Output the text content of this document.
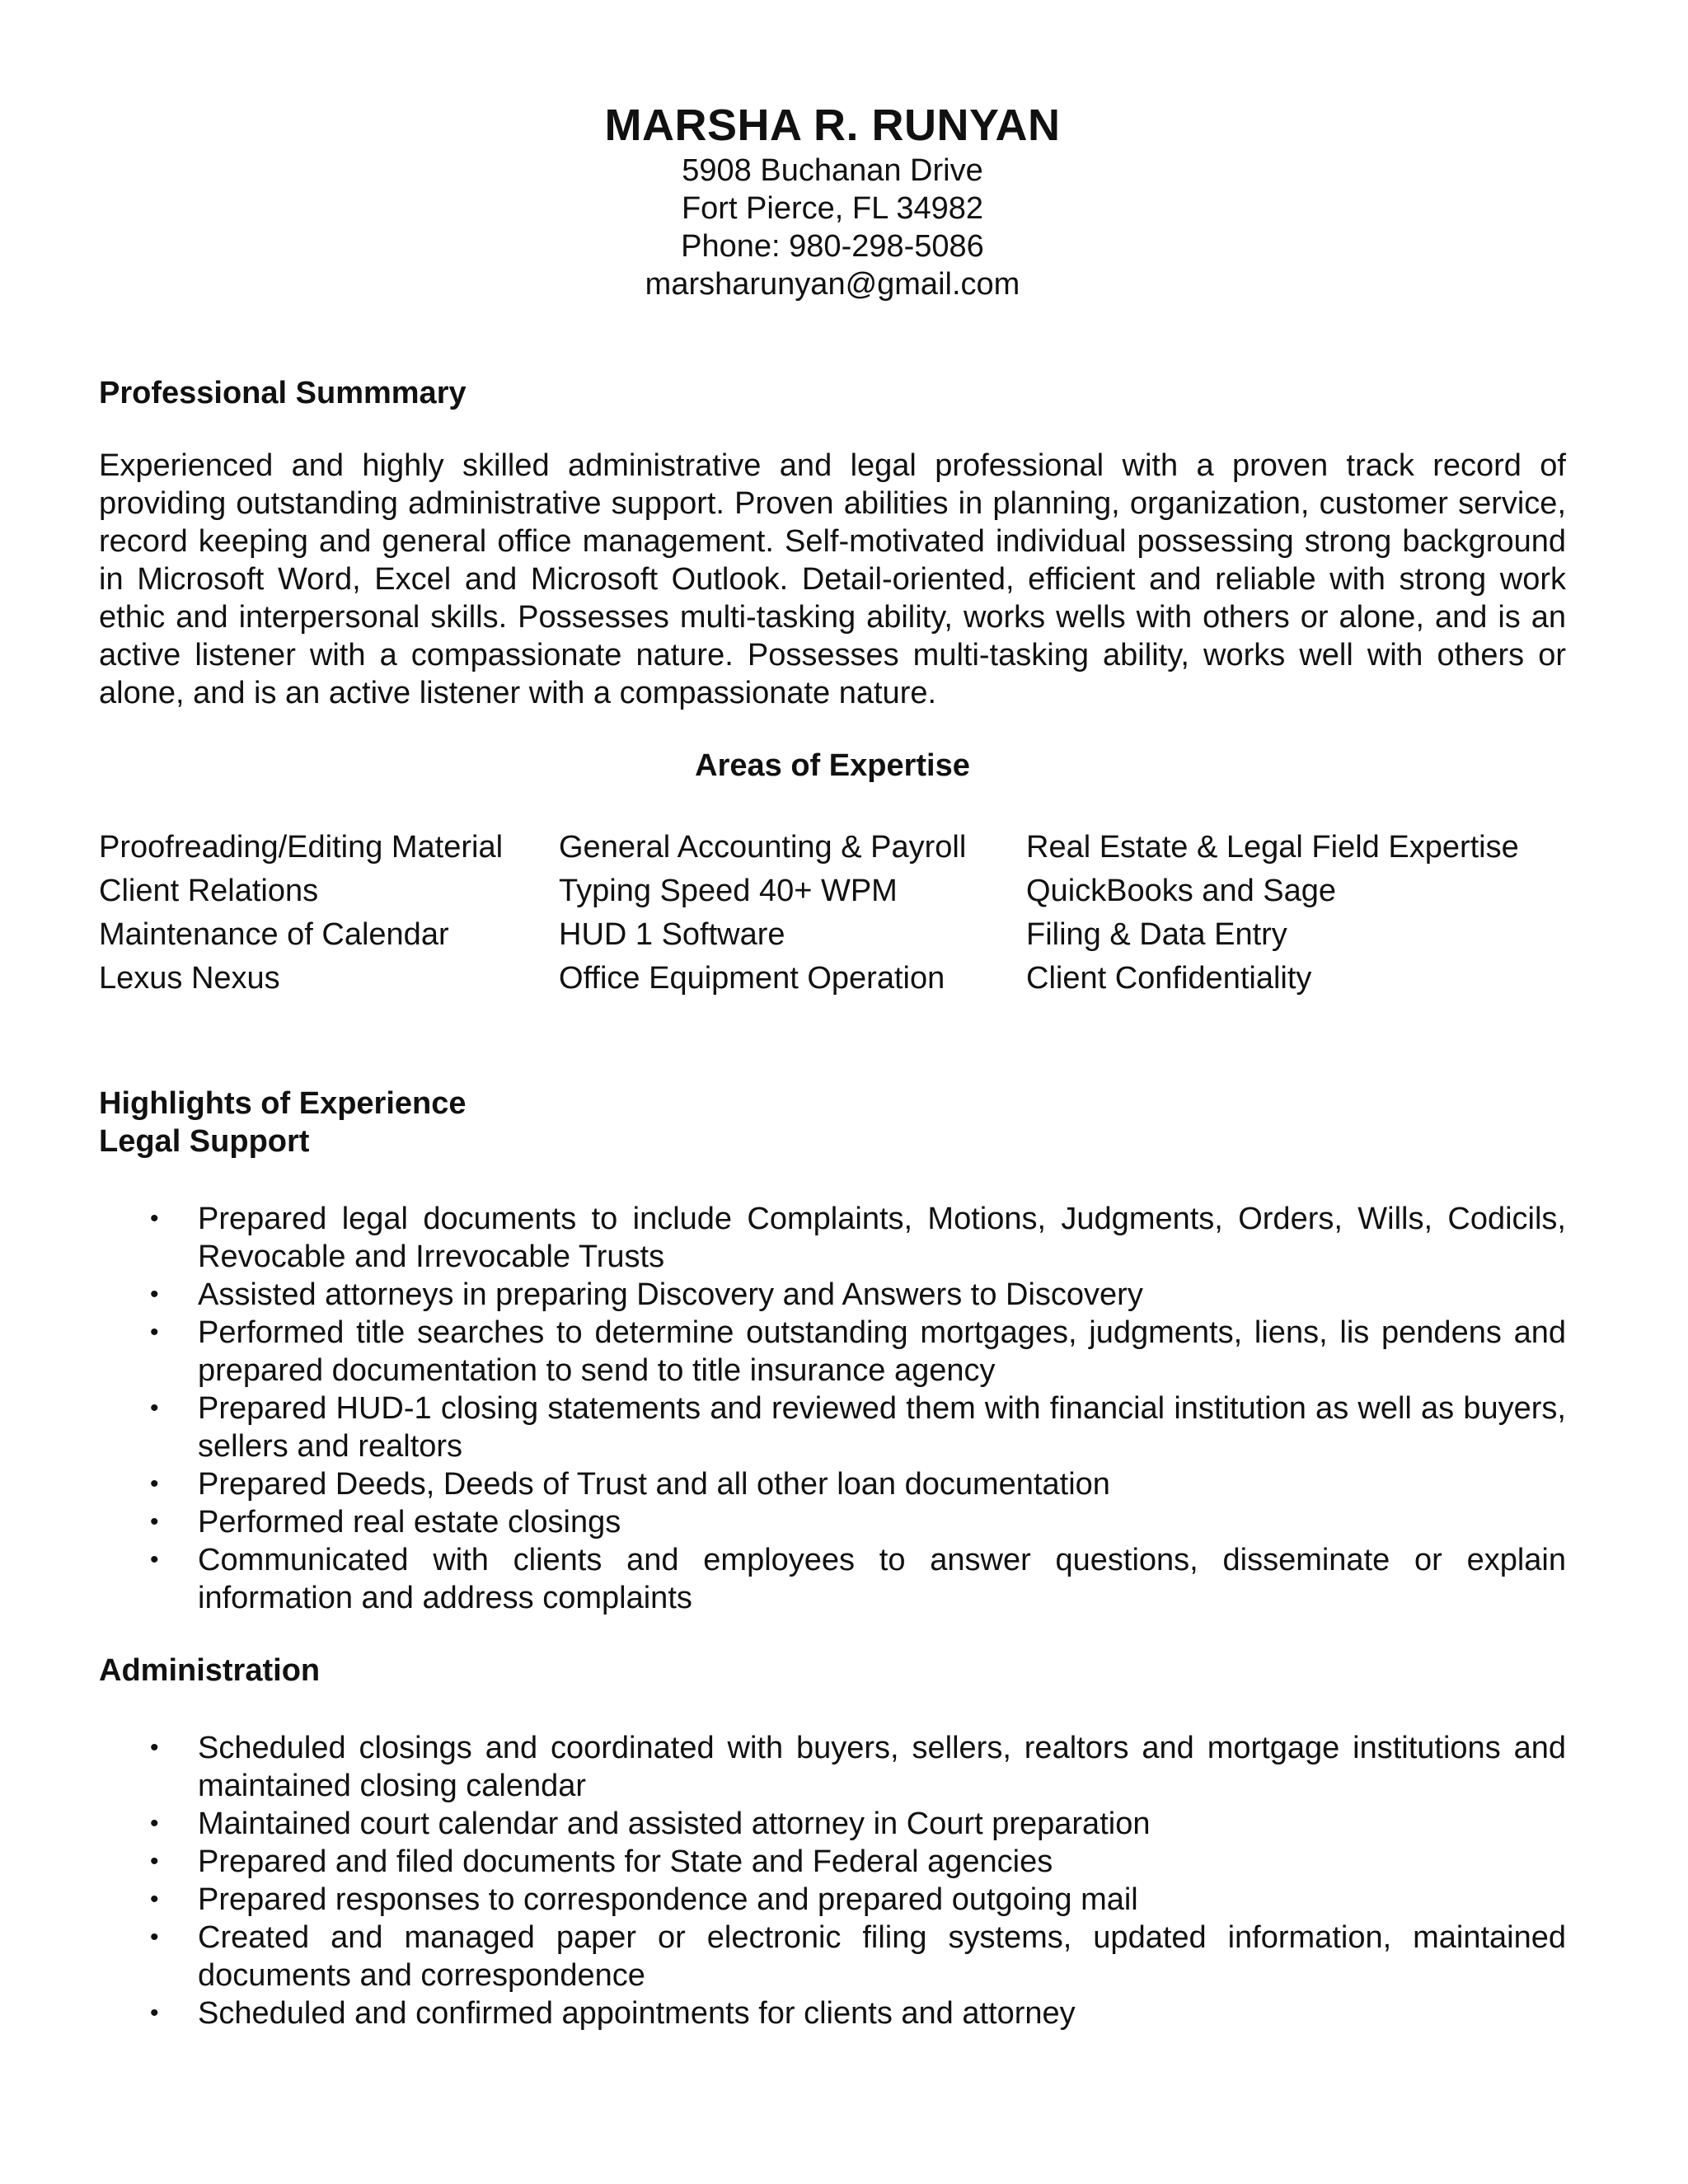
MARSHA R. RUNYAN
5908 Buchanan Drive
Fort Pierce, FL 34982
Phone: 980-298-5086
marsharunyan@gmail.com
Professional Summmary

Experienced and highly skilled administrative and legal professional with a proven track record of providing outstanding administrative support. Proven abilities in planning, organization, customer service, record keeping and general office management. Self-motivated individual possessing strong background in Microsoft Word, Excel and Microsoft Outlook. Detail-oriented, efficient and reliable with strong work ethic and interpersonal skills. Possesses multi-tasking ability, works wells with others or alone, and is an active listener with a compassionate nature. Possesses multi-tasking ability, works well with others or alone, and is an active listener with a compassionate nature.

Areas of Expertise
Proofreading/Editing Material	General Accounting & Payroll	Real Estate & Legal Field Expertise
Client Relations	Typing Speed 40+ WPM	QuickBooks and Sage
Maintenance of Calendar	HUD 1 Software	Filing & Data Entry
Lexus Nexus	Office Equipment Operation	Client Confidentiality
Highlights of Experience
Legal Support
• Prepared legal documents to include Complaints, Motions, Judgments, Orders, Wills, Codicils, Revocable and Irrevocable Trusts
• Assisted attorneys in preparing Discovery and Answers to Discovery
• Performed title searches to determine outstanding mortgages, judgments, liens, lis pendens and prepared documentation to send to title insurance agency
• Prepared HUD-1 closing statements and reviewed them with financial institution as well as buyers, sellers and realtors
• Prepared Deeds, Deeds of Trust and all other loan documentation
• Performed real estate closings
• Communicated with clients and employees to answer questions, disseminate or explain information and address complaints
Administration
• Scheduled closings and coordinated with buyers, sellers, realtors and mortgage institutions and maintained closing calendar
• Maintained court calendar and assisted attorney in Court preparation
• Prepared and filed documents for State and Federal agencies
• Prepared responses to correspondence and prepared outgoing mail
• Created and managed paper or electronic filing systems, updated information, maintained documents and correspondence
• Scheduled and confirmed appointments for clients and attorney
